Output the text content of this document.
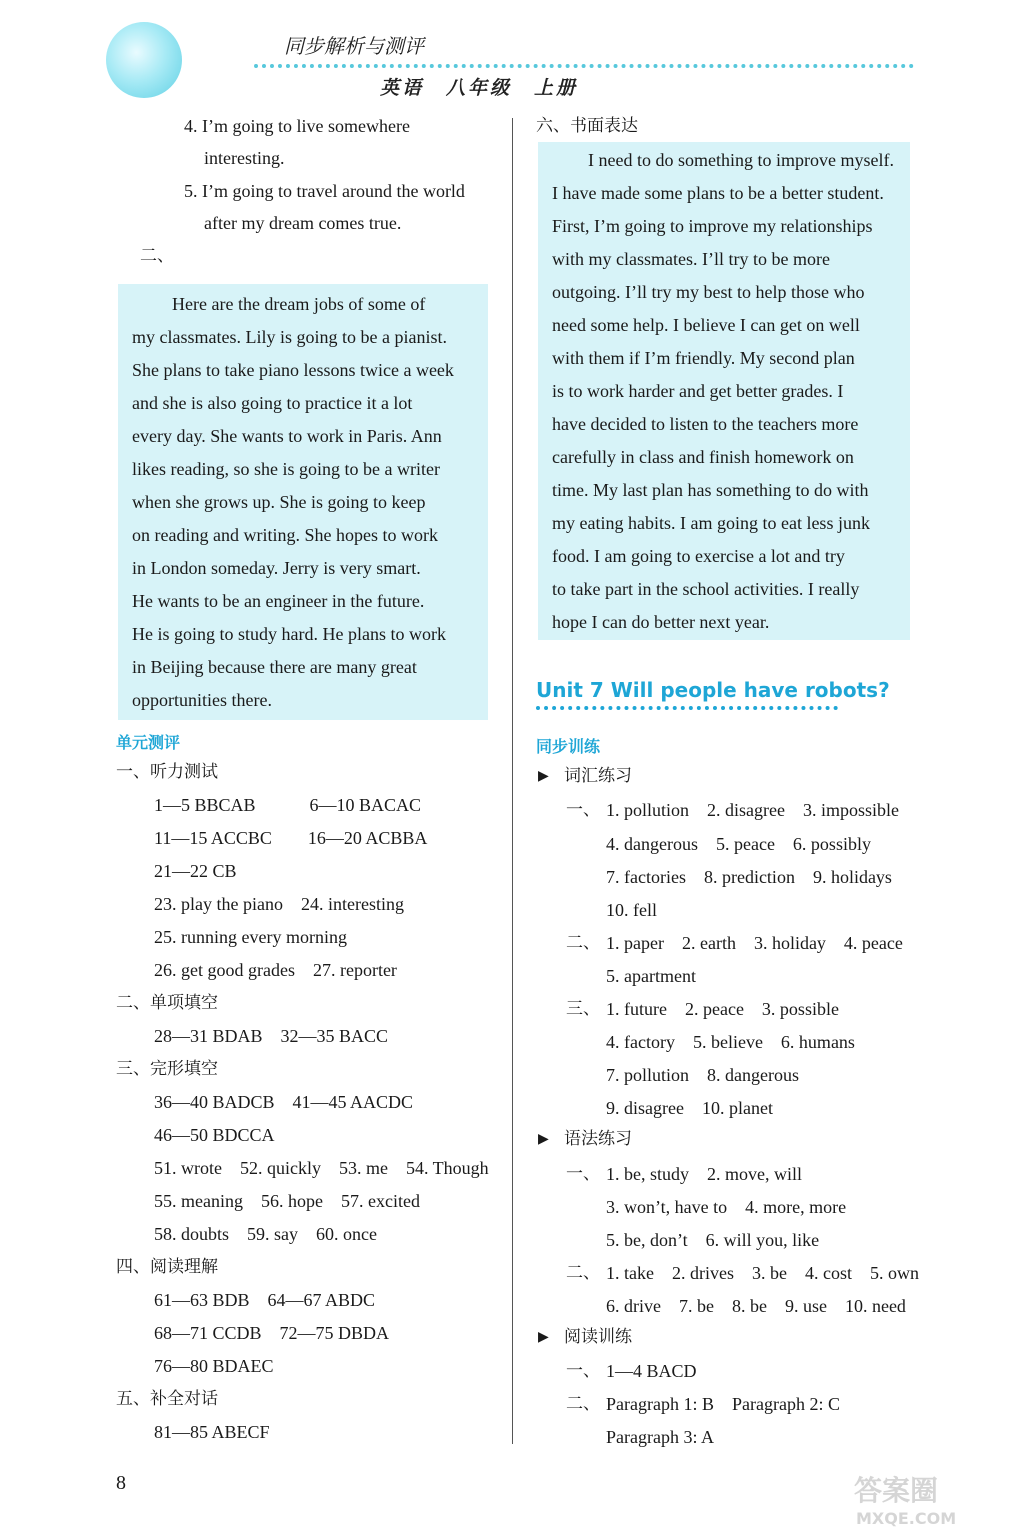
同步解析与测评
英语　八年级　上册
4. I’m going to live somewhere
interesting.
5. I’m going to travel around the world
after my dream comes true.
二、
Here are the dream jobs of some of
my classmates. Lily is going to be a pianist.
She plans to take piano lessons twice a week
and she is also going to practice it a lot
every day. She wants to work in Paris. Ann
likes reading, so she is going to be a writer
when she grows up. She is going to keep
on reading and writing. She hopes to work
in London someday. Jerry is very smart.
He wants to be an engineer in the future.
He is going to study hard. He plans to work
in Beijing because there are many great
opportunities there.
单元测评
一、听力测试
1—5 BBCAB　　　6—10 BACAC
11—15 ACCBC　　16—20 ACBBA
21—22 CB
23. play the piano　24. interesting
25. running every morning
26. get good grades　27. reporter
二、单项填空
28—31 BDAB　32—35 BACC
三、完形填空
36—40 BADCB　41—45 AACDC
46—50 BDCCA
51. wrote　52. quickly　53. me　54. Though
55. meaning　56. hope　57. excited
58. doubts　59. say　60. once
四、阅读理解
61—63 BDB　64—67 ABDC
68—71 CCDB　72—75 DBDA
76—80 BDAEC
五、补全对话
81—85 ABECF
六、书面表达
I need to do something to improve myself.
I have made some plans to be a better student.
First, I’m going to improve my relationships
with my classmates. I’ll try to be more
outgoing. I’ll try my best to help those who
need some help. I believe I can get on well
with them if I’m friendly. My second plan
is to work harder and get better grades. I
have decided to listen to the teachers more
carefully in class and finish homework on
time. My last plan has something to do with
my eating habits. I am going to eat less junk
food. I am going to exercise a lot and try
to take part in the school activities. I really
hope I can do better next year.
Unit 7 Will people have robots?
同步训练
▶ 词汇练习
一、 1. pollution　2. disagree　3. impossible
4. dangerous　5. peace　6. possibly
7. factories　8. prediction　9. holidays
10. fell
二、 1. paper　2. earth　3. holiday　4. peace
5. apartment
三、 1. future　2. peace　3. possible
4. factory　5. believe　6. humans
7. pollution　8. dangerous
9. disagree　10. planet
▶ 语法练习
一、 1. be, study　2. move, will
3. won’t, have to　4. more, more
5. be, don’t　6. will you, like
二、 1. take　2. drives　3. be　4. cost　5. own
6. drive　7. be　8. be　9. use　10. need
▶ 阅读训练
一、 1—4 BACD
二、 Paragraph 1: B　Paragraph 2: C
Paragraph 3: A
8	答案圈
MXQE.COM
